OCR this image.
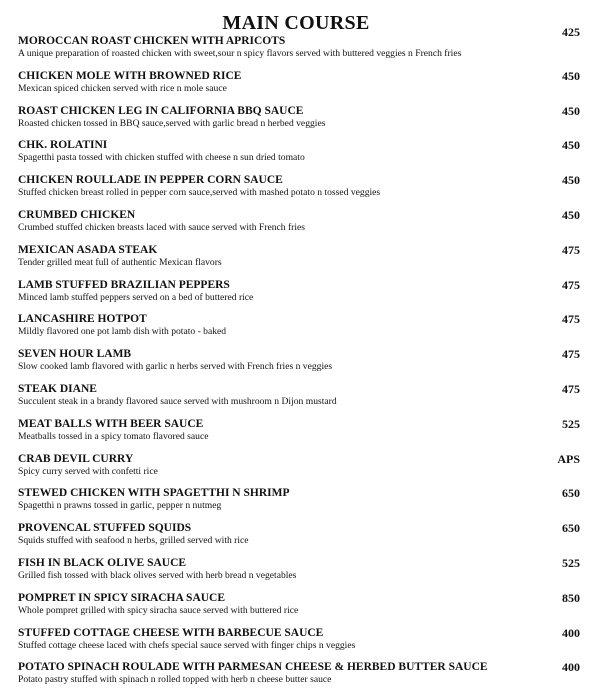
MAIN COURSE
MOROCCAN ROAST CHICKEN WITH APRICOTS
A unique preparation of roasted chicken with sweet,sour n spicy flavors served with buttered veggies n French fries
425
CHICKEN MOLE WITH BROWNED RICE
Mexican spiced chicken served with rice n mole sauce
450
ROAST CHICKEN LEG IN CALIFORNIA BBQ SAUCE
Roasted chicken tossed in BBQ sauce,served with garlic bread n herbed veggies
450
CHK. ROLATINI
Spagetthi pasta tossed with chicken stuffed with cheese n sun dried tomato
450
CHICKEN ROULLADE IN PEPPER CORN SAUCE
Stuffed chicken breast rolled in pepper corn sauce,served with mashed potato n tossed veggies
450
CRUMBED CHICKEN
Crumbed stuffed chicken breasts laced with sauce served with French fries
450
MEXICAN ASADA STEAK
Tender grilled meat full of authentic Mexican flavors
475
LAMB STUFFED BRAZILIAN PEPPERS
Minced lamb stuffed peppers served on a bed of buttered rice
475
LANCASHIRE HOTPOT
Mildly flavored one pot lamb dish with potato - baked
475
SEVEN HOUR LAMB
Slow cooked lamb flavored with garlic n herbs served with French fries n veggies
475
STEAK DIANE
Succulent steak in a brandy flavored sauce served with mushroom n Dijon mustard
475
MEAT BALLS WITH BEER SAUCE
Meatballs tossed in a spicy tomato flavored sauce
525
CRAB DEVIL CURRY
Spicy curry served with confetti rice
APS
STEWED CHICKEN WITH SPAGETTHI N SHRIMP
Spagetthi n prawns tossed in garlic, pepper n nutmeg
650
PROVENCAL STUFFED SQUIDS
Squids stuffed with seafood n herbs, grilled served with rice
650
FISH IN BLACK OLIVE SAUCE
Grilled fish tossed with black olives served with herb bread n vegetables
525
POMPRET IN SPICY SIRACHA SAUCE
Whole pompret grilled with spicy siracha sauce served with buttered rice
850
STUFFED COTTAGE CHEESE WITH BARBECUE SAUCE
Stuffed cottage cheese laced with chefs special sauce served with finger chips n veggies
400
POTATO SPINACH ROULADE WITH PARMESAN CHEESE & HERBED BUTTER SAUCE
Potato pastry stuffed with spinach n rolled topped with herb n cheese butter sauce
400
